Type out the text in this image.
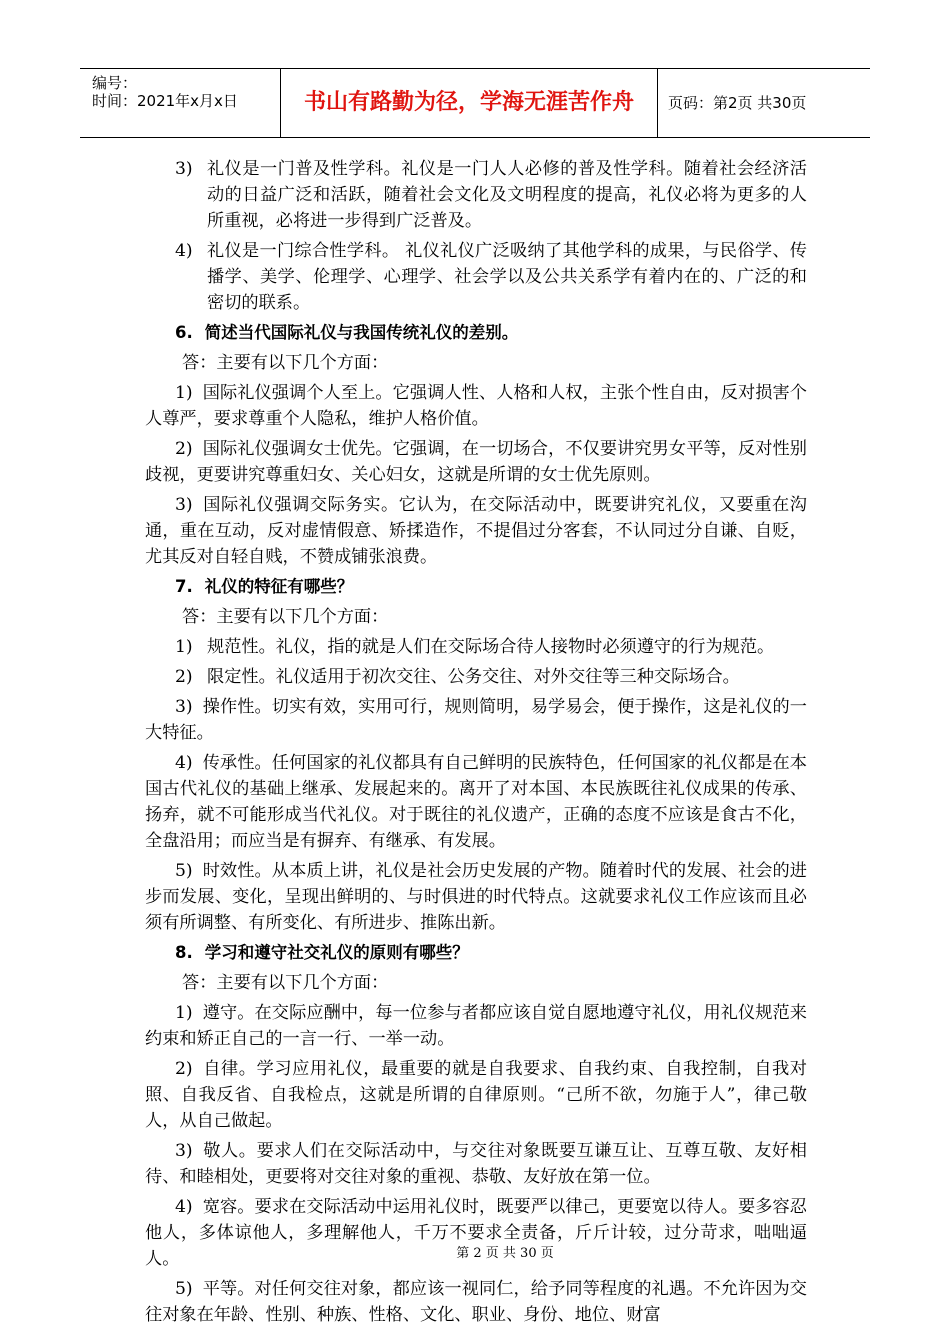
编号：
时间：2021年x月x日	书山有路勤为径，学海无涯苦作舟	页码：第2页 共30页
3) 礼仪是一门普及性学科。礼仪是一门人人必修的普及性学科。随着社会经济活动的日益广泛和活跃，随着社会文化及文明程度的提高，礼仪必将为更多的人所重视，必将进一步得到广泛普及。
4) 礼仪是一门综合性学科。 礼仪礼仪广泛吸纳了其他学科的成果，与民俗学、传播学、美学、伦理学、心理学、社会学以及公共关系学有着内在的、广泛的和密切的联系。
6. 简述当代国际礼仪与我国传统礼仪的差别。
答：主要有以下几个方面：
1) 国际礼仪强调个人至上。它强调人性、人格和人权，主张个性自由，反对损害个人尊严，要求尊重个人隐私，维护人格价值。
2) 国际礼仪强调女士优先。它强调，在一切场合，不仅要讲究男女平等，反对性别歧视，更要讲究尊重妇女、关心妇女，这就是所谓的女士优先原则。
3) 国际礼仪强调交际务实。它认为，在交际活动中，既要讲究礼仪，又要重在沟通，重在互动，反对虚情假意、矫揉造作，不提倡过分客套，不认同过分自谦、自贬，尤其反对自轻自贱，不赞成铺张浪费。
7. 礼仪的特征有哪些？
答：主要有以下几个方面：
1) 规范性。礼仪，指的就是人们在交际场合待人接物时必须遵守的行为规范。
2) 限定性。礼仪适用于初次交往、公务交往、对外交往等三种交际场合。
3) 操作性。切实有效，实用可行，规则简明，易学易会，便于操作，这是礼仪的一大特征。
4) 传承性。任何国家的礼仪都具有自己鲜明的民族特色，任何国家的礼仪都是在本国古代礼仪的基础上继承、发展起来的。离开了对本国、本民族既往礼仪成果的传承、扬弃，就不可能形成当代礼仪。对于既往的礼仪遗产，正确的态度不应该是食古不化，全盘沿用；而应当是有摒弃、有继承、有发展。
5) 时效性。从本质上讲，礼仪是社会历史发展的产物。随着时代的发展、社会的进步而发展、变化，呈现出鲜明的、与时俱进的时代特点。这就要求礼仪工作应该而且必须有所调整、有所变化、有所进步、推陈出新。
8. 学习和遵守社交礼仪的原则有哪些？
答：主要有以下几个方面：
1) 遵守。在交际应酬中，每一位参与者都应该自觉自愿地遵守礼仪，用礼仪规范来约束和矫正自己的一言一行、一举一动。
2) 自律。学习应用礼仪，最重要的就是自我要求、自我约束、自我控制，自我对照、自我反省、自我检点，这就是所谓的自律原则。“己所不欲，勿施于人”，律己敬人，从自己做起。
3) 敬人。要求人们在交际活动中，与交往对象既要互谦互让、互尊互敬、友好相待、和睦相处，更要将对交往对象的重视、恭敬、友好放在第一位。
4) 宽容。要求在交际活动中运用礼仪时，既要严以律己，更要宽以待人。要多容忍他人，多体谅他人，多理解他人，千万不要求全责备，斤斤计较，过分苛求，咄咄逼人。
5) 平等。对任何交往对象，都应该一视同仁，给予同等程度的礼遇。不允许因为交往对象在年龄、性别、种族、性格、文化、职业、身份、地位、财富
第 2 页 共 30 页
